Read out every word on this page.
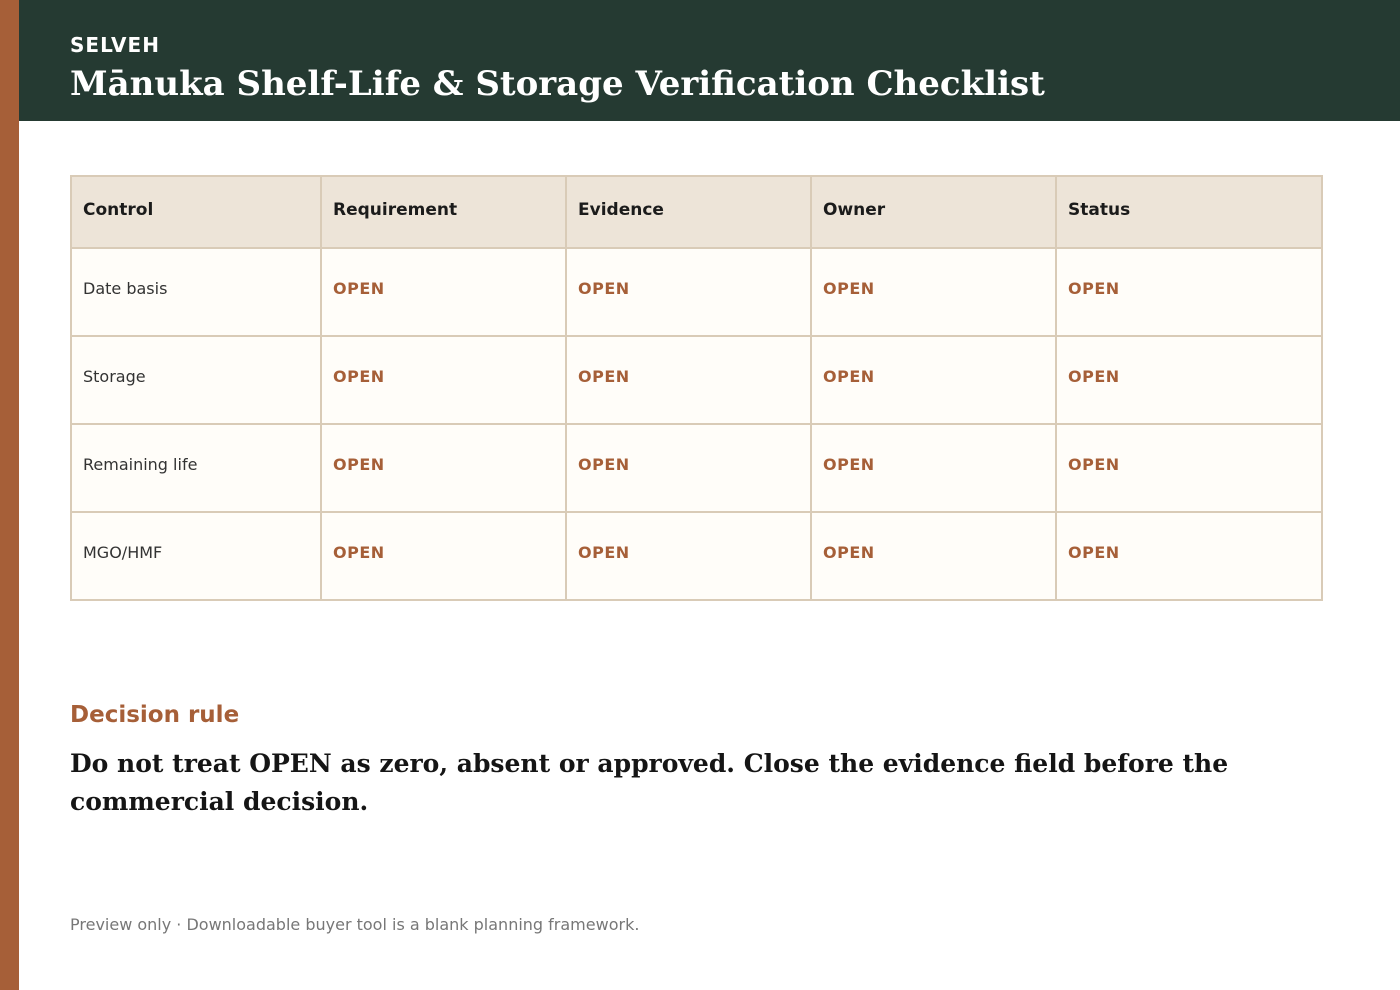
SELVEH
Mānuka Shelf-Life & Storage Verification Checklist
Control	Requirement	Evidence	Owner	Status
Date basis	OPEN	OPEN	OPEN	OPEN
Storage	OPEN	OPEN	OPEN	OPEN
Remaining life	OPEN	OPEN	OPEN	OPEN
MGO/HMF	OPEN	OPEN	OPEN	OPEN
Decision rule
Do not treat OPEN as zero, absent or approved. Close the evidence field before the commercial decision.
Preview only · Downloadable buyer tool is a blank planning framework.
